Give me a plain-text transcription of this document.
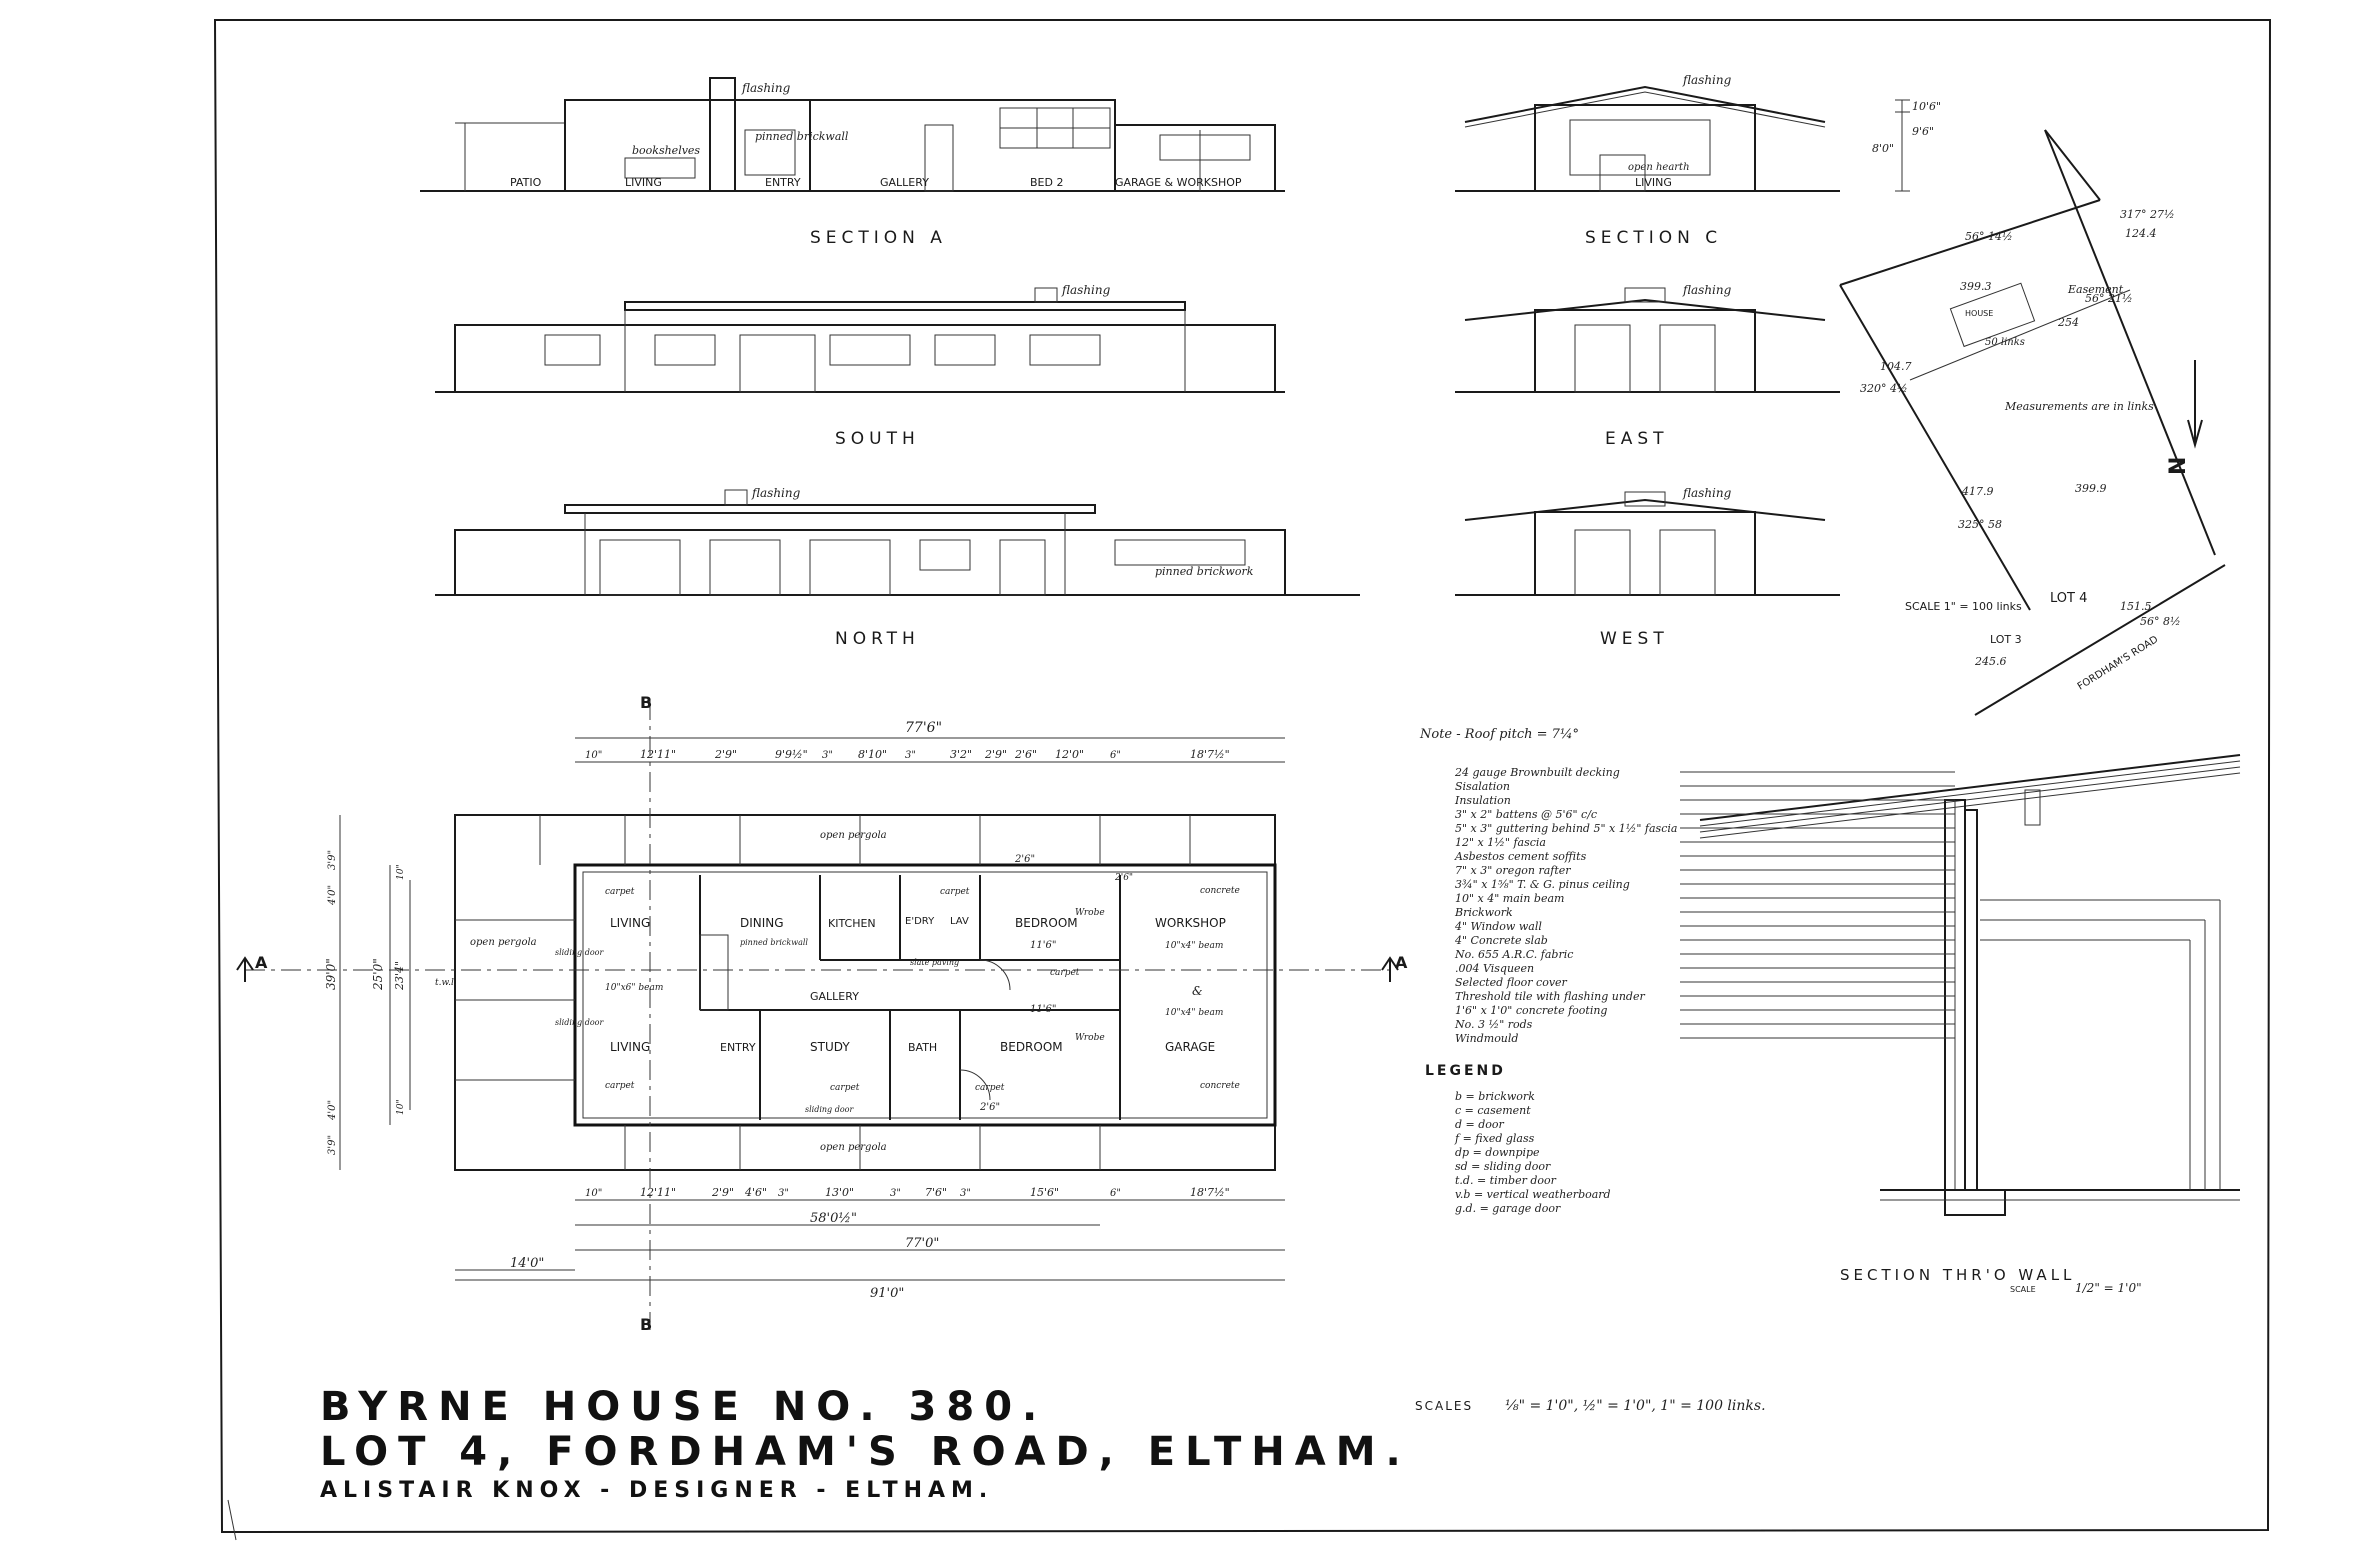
flashing
bookshelves
pinned brickwall
PATIO	LIVING	ENTRY	GALLERY	BED 2	GARAGE & WORKSHOP
SECTION A
flashing
open hearth
LIVING
10'6"
9'6"
8'0"
SECTION C
flashing
SOUTH
flashing
EAST
flashing
pinned brickwork
NORTH
flashing
WEST
317° 27½
56° 14½
56° 21½
320° 4½
325° 58
56° 8½
124.4
399.3
254
104.7
417.9	399.9
151.5
245.6
50 links
Easement
HOUSE
Measurements are in links
SCALE 1" = 100 links
LOT 4
LOT 3	FORDHAM'S ROAD
N
B
B
A	A
77'6"
10"	12'11"	2'9"	9'9½" 3" 8'10" 3"	3'2" 2'9" 2'6" 12'0"	6"	18'7½"
10"	12'11"	2'9" 4'6" 3"	13'0"	3" 7'6" 3"	15'6"	6"	18'7½"
58'0½"
77'0"
14'0"
91'0"
39'0"	25'0" 23'4"
3'9"
4'0"
4'0"
3'9"
10"
10"
LIVING	DINING	KITCHEN	E'DRY LAV	BEDROOM	WORKSHOP
LIVING	ENTRY	STUDY	BATH	BEDROOM	GARAGE
GALLERY
open pergola
open pergola
open pergola
carpet
carpet
carpet	carpet	carpet
carpet	concrete
concrete
10"x4" beam
10"x4" beam
10"x6" beam
sliding door
sliding door
sliding door
pinned brickwall
Wrobe
Wrobe
t.w.l.
slate paving
11'6"
11'6"
2'6"
2'6"
2'6"
&
Note - Roof pitch = 7¼°
24 gauge Brownbuilt decking
Sisalation
Insulation
3" x 2" battens @ 5'6" c/c
5" x 3" guttering behind 5" x 1½" fascia
12" x 1½" fascia
Asbestos cement soffits
7" x 3" oregon rafter
3¾" x 1⅝" T. & G. pinus ceiling
10" x 4" main beam
Brickwork
4" Window wall
4" Concrete slab
No. 655 A.R.C. fabric
.004 Visqueen
Selected floor cover
Threshold tile with flashing under
1'6" x 1'0" concrete footing
No. 3 ½" rods
Windmould
LEGEND
b = brickwork
c = casement
d = door
f = fixed glass
dp = downpipe
sd = sliding door
t.d. = timber door
v.b = vertical weatherboard
g.d. = garage door
SECTION THR'O WALL
SCALE	1/2" = 1'0"
BYRNE HOUSE NO. 380.
LOT 4, FORDHAM'S ROAD, ELTHAM.
ALISTAIR KNOX - DESIGNER - ELTHAM.
SCALES ⅛" = 1'0", ½" = 1'0", 1" = 100 links.
